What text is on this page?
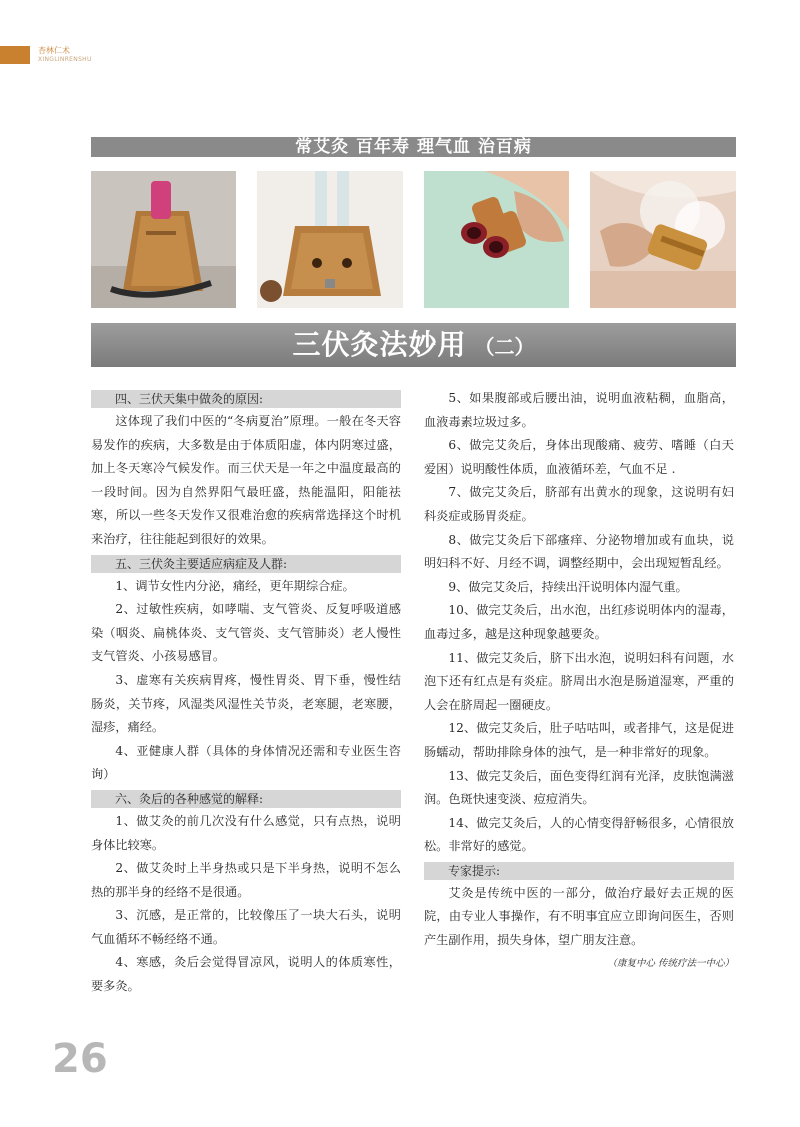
杏林仁术
XINGLINRENSHU
常艾灸 百年寿 理气血 治百病
三伏灸法妙用 （二）
四、三伏天集中做灸的原因:

这体现了我们中医的“冬病夏治”原理。一般在冬天容易发作的疾病，大多数是由于体质阳虚，体内阴寒过盛，加上冬天寒冷气候发作。而三伏天是一年之中温度最高的一段时间。因为自然界阳气最旺盛，热能温阳，阳能祛寒，所以一些冬天发作又很难治愈的疾病常选择这个时机来治疗，往往能起到很好的效果。

五、三伏灸主要适应病症及人群:

1、调节女性内分泌，痛经，更年期综合症。

2、过敏性疾病，如哮喘、支气管炎、反复呼吸道感染（咽炎、扁桃体炎、支气管炎、支气管肺炎）老人慢性支气管炎、小孩易感冒。

3、虚寒有关疾病胃疼，慢性胃炎、胃下垂，慢性结肠炎，关节疼，风湿类风湿性关节炎，老寒腿，老寒腰，湿疹，痛经。

4、亚健康人群（具体的身体情况还需和专业医生咨询）

六、灸后的各种感觉的解释:

1、做艾灸的前几次没有什么感觉，只有点热，说明身体比较寒。

2、做艾灸时上半身热或只是下半身热，说明不怎么热的那半身的经络不是很通。

3、沉感，是正常的，比较像压了一块大石头，说明气血循环不畅经络不通。

4、寒感，灸后会觉得冒凉风，说明人的体质寒性，要多灸。

5、如果腹部或后腰出油，说明血液粘稠，血脂高，血液毒素垃圾过多。

6、做完艾灸后，身体出现酸痛、疲劳、嗜睡（白天爱困）说明酸性体质，血液循环差，气血不足 .

7、做完艾灸后，脐部有出黄水的现象，这说明有妇科炎症或肠胃炎症。

8、做完艾灸后下部瘙痒、分泌物增加或有血块，说明妇科不好、月经不调，调整经期中，会出现短暂乱经。

9、做完艾灸后，持续出汗说明体内湿气重。

10、做完艾灸后，出水泡，出红疹说明体内的湿毒，血毒过多，越是这种现象越要灸。

11、做完艾灸后，脐下出水泡，说明妇科有问题，水泡下还有红点是有炎症。脐周出水泡是肠道湿寒，严重的人会在脐周起一圈硬皮。

12、做完艾灸后，肚子咕咕叫，或者排气，这是促进肠蠕动，帮助排除身体的浊气，是一种非常好的现象。

13、做完艾灸后，面色变得红润有光泽，皮肤饱满滋润。色斑快速变淡、痘痘消失。

14、做完艾灸后，人的心情变得舒畅很多，心情很放松。非常好的感觉。

专家提示:

艾灸是传统中医的一部分，做治疗最好去正规的医院，由专业人事操作，有不明事宜应立即询问医生，否则产生副作用，损失身体，望广朋友注意。

（康复中心 传统疗法一中心）
26
